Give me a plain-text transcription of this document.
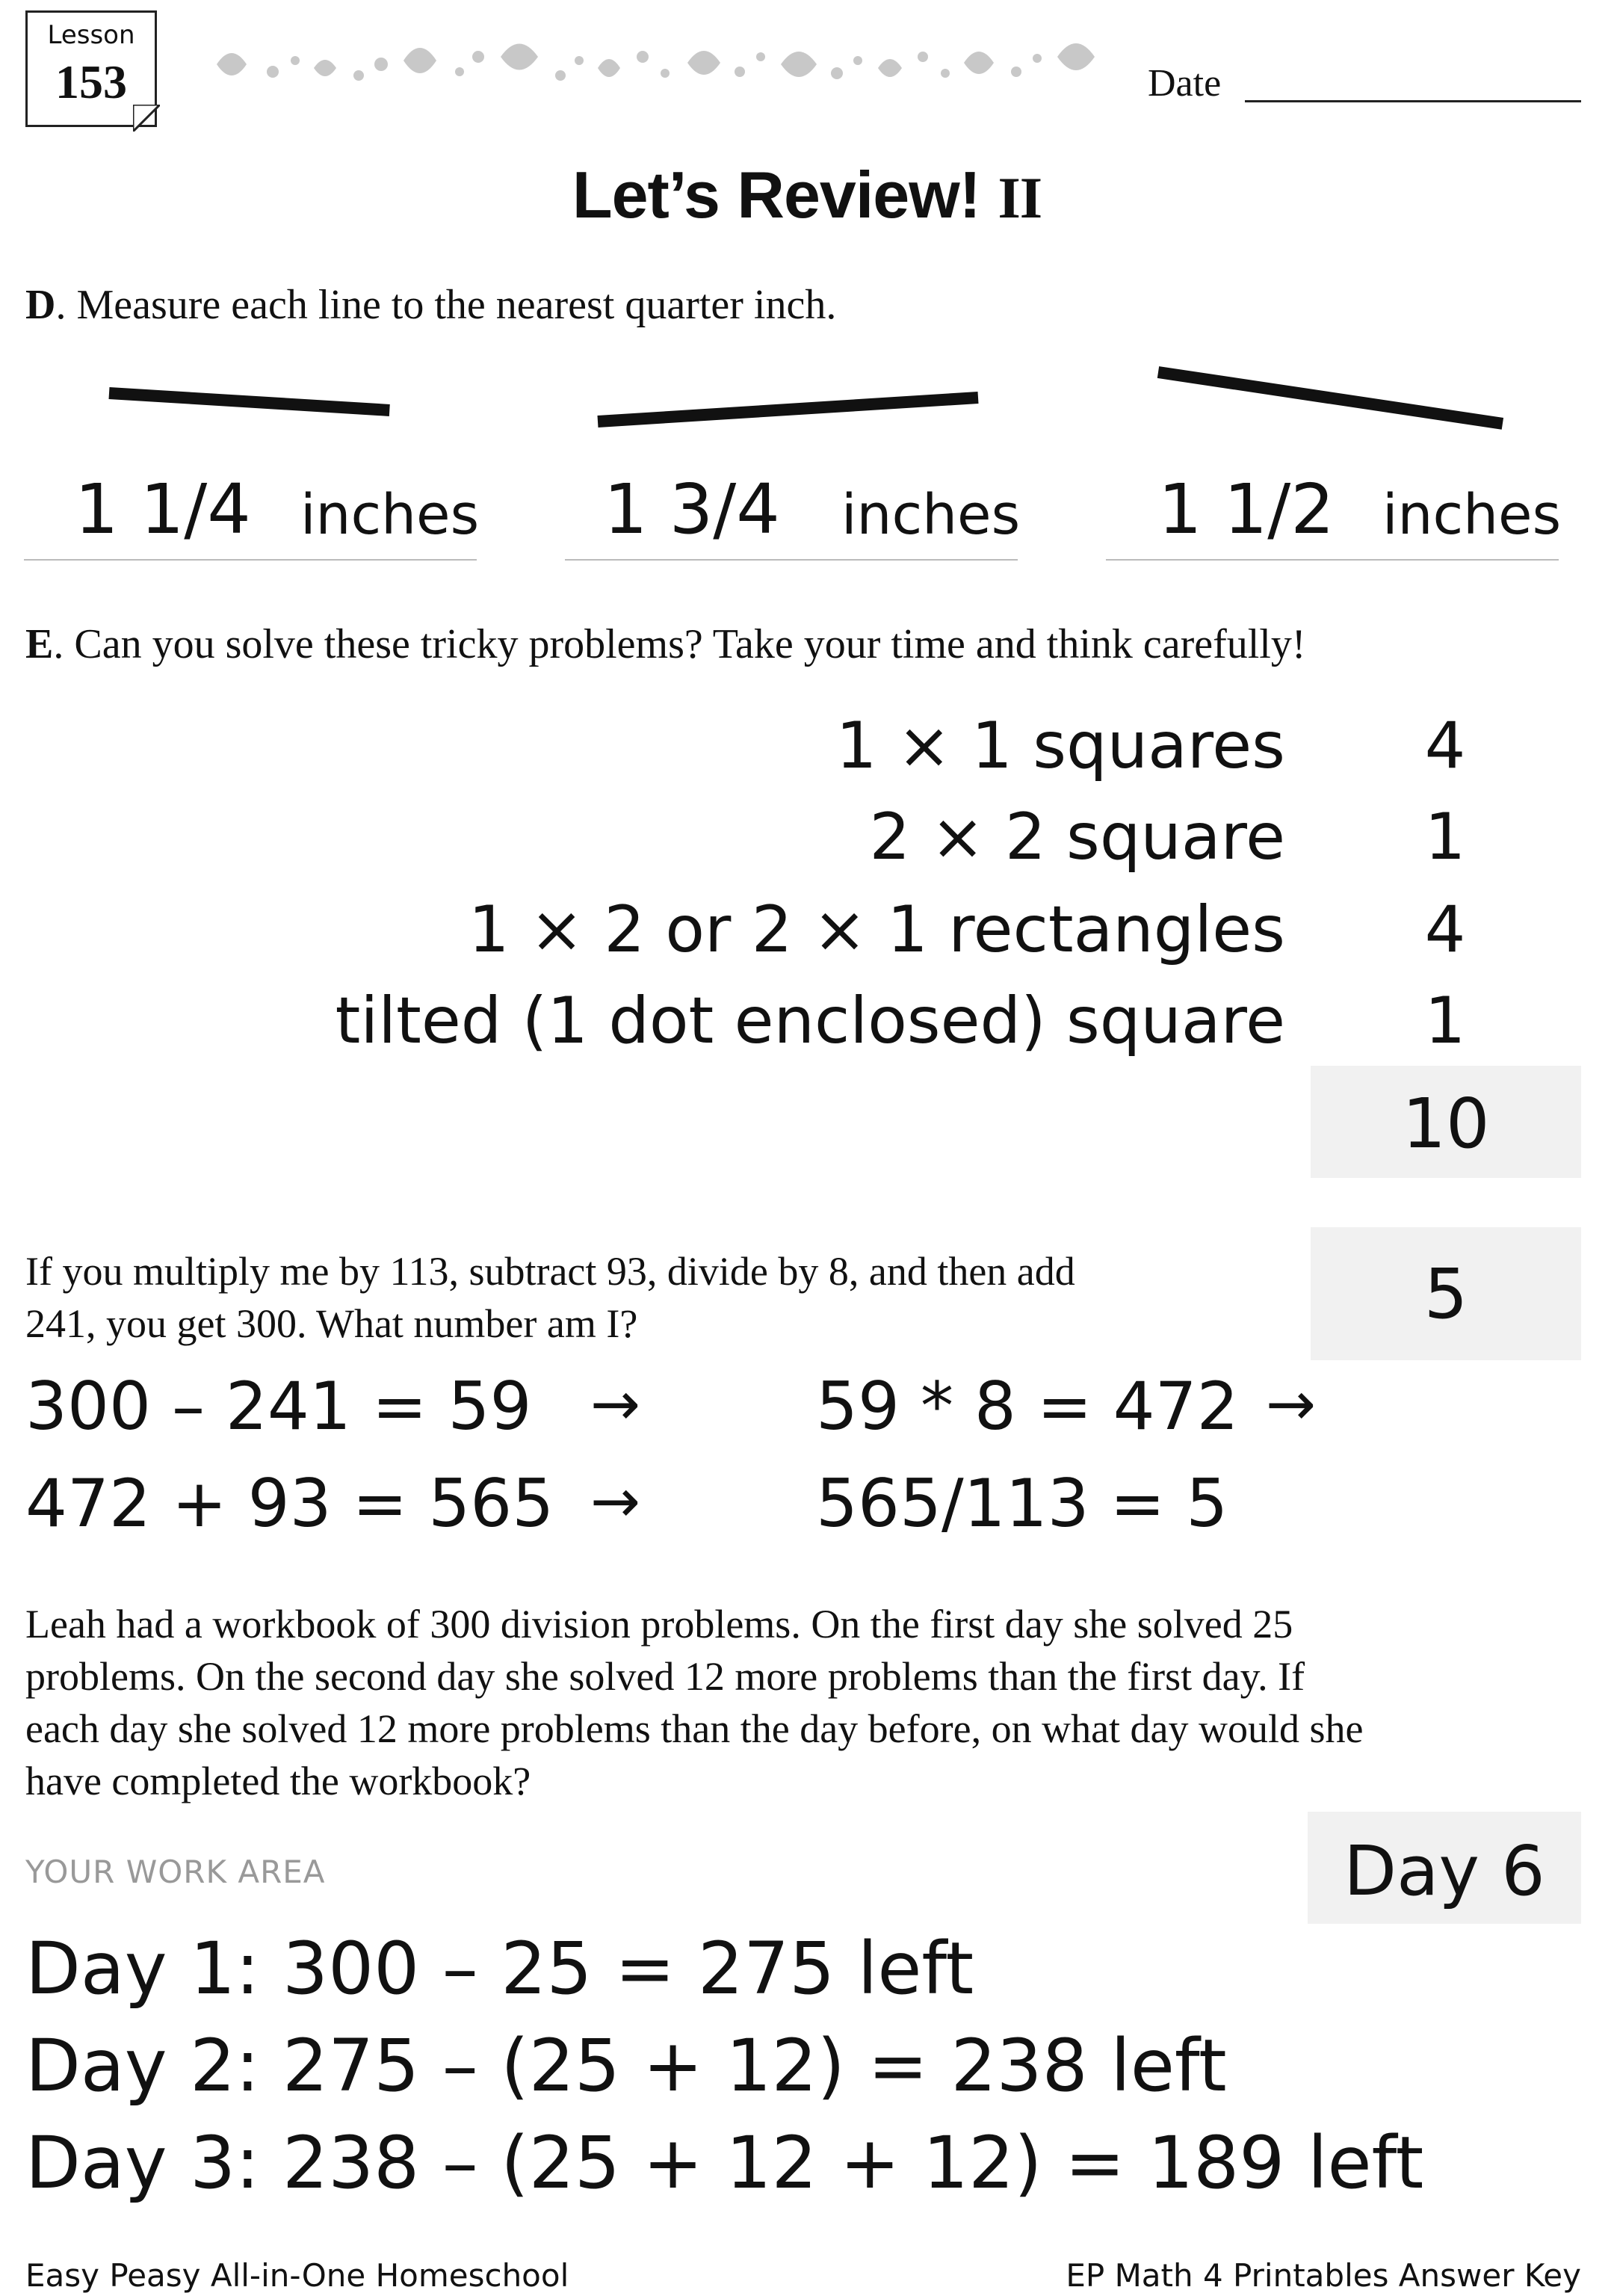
Lesson
153	Date
Let’s Review! II
D. Measure each line to the nearest quarter inch.
1 1/4 inches 1 3/4 inches 1 1/2 inches
E. Can you solve these tricky problems? Take your time and think carefully!
1 × 1 squares	4
2 × 2 square	1
1 × 2 or 2 × 1 rectangles	4
tilted (1 dot enclosed) square	1
10
If you multiply me by 113, subtract 93, divide by 8, and then add
241, you get 300. What number am I?	5
300 – 241 = 59 →	59 * 8 = 472 →
472 + 93 = 565 →	565/113 = 5
Leah had a workbook of 300 division problems. On the first day she solved 25
problems. On the second day she solved 12 more problems than the first day. If
each day she solved 12 more problems than the day before, on what day would she
have completed the workbook?
YOUR WORK AREA	Day 6
Day 1: 300 – 25 = 275 left
Day 2: 275 – (25 + 12) = 238 left
Day 3: 238 – (25 + 12 + 12) = 189 left
Easy Peasy All-in-One Homeschool	EP Math 4 Printables Answer Key
